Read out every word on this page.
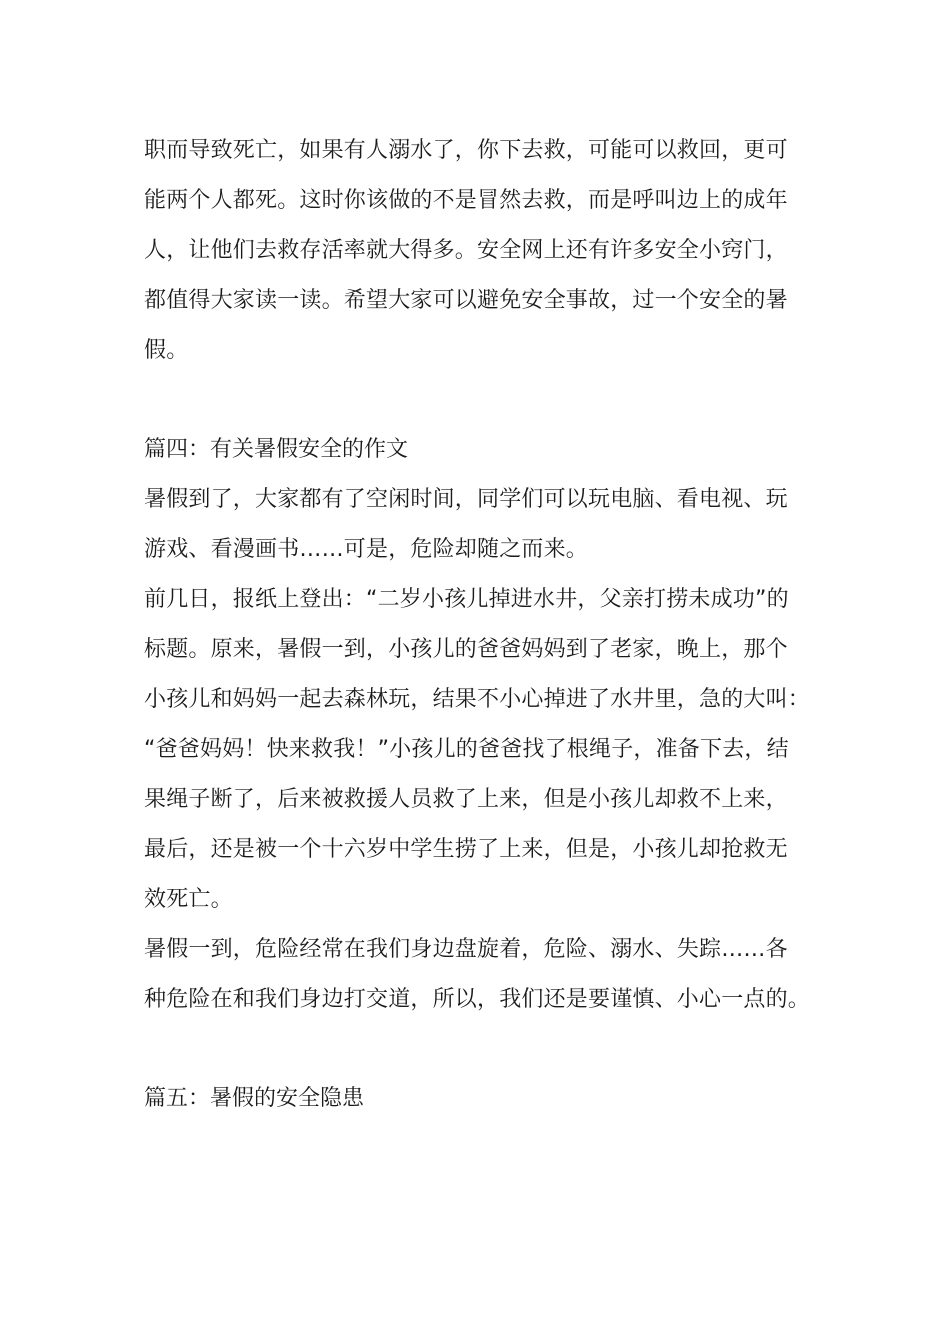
职而导致死亡，如果有人溺水了，你下去救，可能可以救回，更可
能两个人都死。这时你该做的不是冒然去救，而是呼叫边上的成年
人，让他们去救存活率就大得多。安全网上还有许多安全小窍门，
都值得大家读一读。希望大家可以避免安全事故，过一个安全的暑
假。
篇四：有关暑假安全的作文
暑假到了，大家都有了空闲时间，同学们可以玩电脑、看电视、玩
游戏、看漫画书……可是，危险却随之而来。
前几日，报纸上登出：“二岁小孩儿掉进水井，父亲打捞未成功”的
标题。原来，暑假一到，小孩儿的爸爸妈妈到了老家，晚上，那个
小孩儿和妈妈一起去森林玩，结果不小心掉进了水井里，急的大叫：
“爸爸妈妈！快来救我！”小孩儿的爸爸找了根绳子，准备下去，结
果绳子断了，后来被救援人员救了上来，但是小孩儿却救不上来，
最后，还是被一个十六岁中学生捞了上来，但是，小孩儿却抢救无
效死亡。
暑假一到，危险经常在我们身边盘旋着，危险、溺水、失踪……各
种危险在和我们身边打交道，所以，我们还是要谨慎、小心一点的。
篇五：暑假的安全隐患
